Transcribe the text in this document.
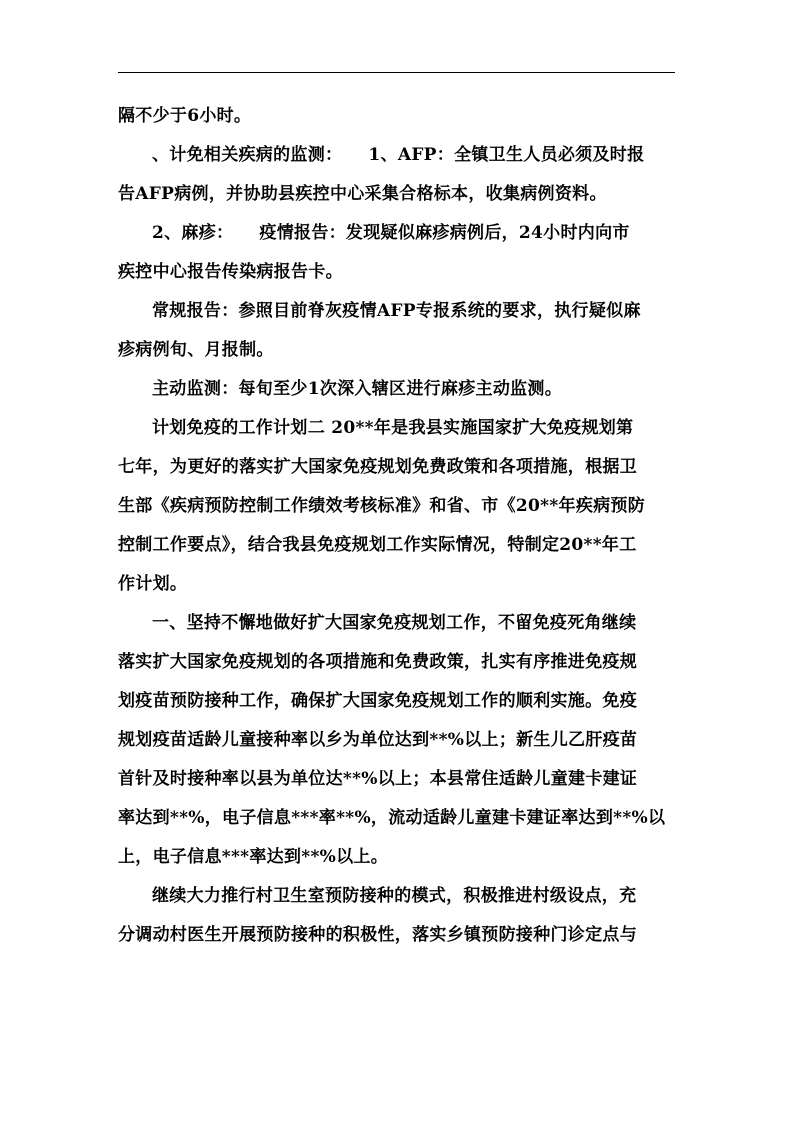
隔不少于6小时。
、计免相关疾病的监测：　　1、AFP：全镇卫生人员必须及时报
告AFP病例，并协助县疾控中心采集合格标本，收集病例资料。
2、麻疹：　　疫情报告：发现疑似麻疹病例后，24小时内向市
疾控中心报告传染病报告卡。
常规报告：参照目前脊灰疫情AFP专报系统的要求，执行疑似麻
疹病例旬、月报制。
主动监测：每旬至少1次深入辖区进行麻疹主动监测。
计划免疫的工作计划二 20**年是我县实施国家扩大免疫规划第
七年，为更好的落实扩大国家免疫规划免费政策和各项措施，根据卫
生部《疾病预防控制工作绩效考核标准》和省、市《20**年疾病预防
控制工作要点》，结合我县免疫规划工作实际情况，特制定20**年工
作计划。
一、坚持不懈地做好扩大国家免疫规划工作，不留免疫死角继续
落实扩大国家免疫规划的各项措施和免费政策，扎实有序推进免疫规
划疫苗预防接种工作，确保扩大国家免疫规划工作的顺利实施。免疫
规划疫苗适龄儿童接种率以乡为单位达到**%以上；新生儿乙肝疫苗
首针及时接种率以县为单位达**%以上；本县常住适龄儿童建卡建证
率达到**%，电子信息***率**%，流动适龄儿童建卡建证率达到**%以
上，电子信息***率达到**%以上。
继续大力推行村卫生室预防接种的模式，积极推进村级设点，充
分调动村医生开展预防接种的积极性，落实乡镇预防接种门诊定点与
